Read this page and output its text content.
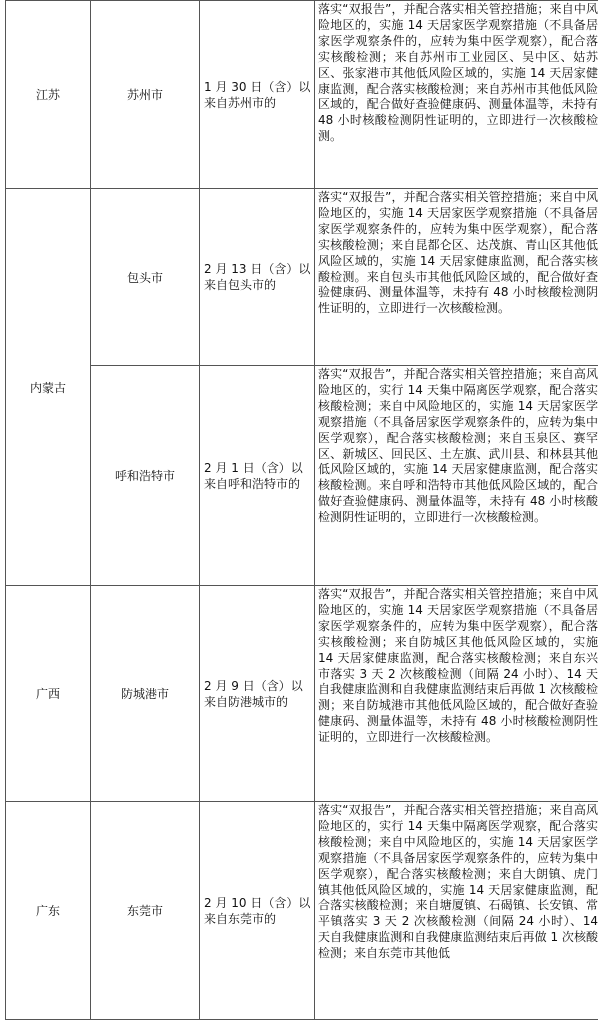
江苏	苏州市	1 月 30 日（含）以来自苏州市的	落实“双报告”，并配合落实相关管控措施；来自中风险地区的，实施 14 天居家医学观察措施（不具备居家医学观察条件的，应转为集中医学观察），配合落实核酸检测；来自苏州市工业园区、吴中区、姑苏区、张家港市其他低风险区域的，实施 14 天居家健康监测，配合落实核酸检测；来自苏州市其他低风险区域的，配合做好查验健康码、测量体温等，未持有 48 小时核酸检测阴性证明的，立即进行一次核酸检测。

内蒙古	包头市	2 月 13 日（含）以来自包头市的	落实“双报告”，并配合落实相关管控措施；来自中风险地区的，实施 14 天居家医学观察措施（不具备居家医学观察条件的，应转为集中医学观察），配合落实核酸检测；来自昆都仑区、达茂旗、青山区其他低风险区域的，实施 14 天居家健康监测，配合落实核酸检测。来自包头市其他低风险区域的，配合做好查验健康码、测量体温等，未持有 48 小时核酸检测阴性证明的，立即进行一次核酸检测。

	呼和浩特市	2 月 1 日（含）以来自呼和浩特市的	落实“双报告”，并配合落实相关管控措施；来自高风险地区的，实行 14 天集中隔离医学观察，配合落实核酸检测；来自中风险地区的，实施 14 天居家医学观察措施（不具备居家医学观察条件的，应转为集中医学观察），配合落实核酸检测；来自玉泉区、赛罕区、新城区、回民区、土左旗、武川县、和林县其他低风险区域的，实施 14 天居家健康监测，配合落实核酸检测。来自呼和浩特市其他低风险区域的，配合做好查验健康码、测量体温等，未持有 48 小时核酸检测阴性证明的，立即进行一次核酸检测。

广西	防城港市	2 月 9 日（含）以来自防港城市的	落实“双报告”，并配合落实相关管控措施；来自中风险地区的，实施 14 天居家医学观察措施（不具备居家医学观察条件的，应转为集中医学观察），配合落实核酸检测；来自防城区其他低风险区域的，实施 14 天居家健康监测，配合落实核酸检测；来自东兴市落实 3 天 2 次核酸检测（间隔 24 小时）、14 天自我健康监测和自我健康监测结束后再做 1 次核酸检测；来自防城港市其他低风险区域的，配合做好查验健康码、测量体温等，未持有 48 小时核酸检测阴性证明的，立即进行一次核酸检测。

广东	东莞市	2 月 10 日（含）以来自东莞市的	落实“双报告”，并配合落实相关管控措施；来自高风险地区的，实行 14 天集中隔离医学观察，配合落实核酸检测；来自中风险地区的，实施 14 天居家医学观察措施（不具备居家医学观察条件的，应转为集中医学观察），配合落实核酸检测；来自大朗镇、虎门镇其他低风险区域的，实施 14 天居家健康监测，配合落实核酸检测；来自塘厦镇、石碣镇、长安镇、常平镇落实 3 天 2 次核酸检测（间隔 24 小时）、14 天自我健康监测和自我健康监测结束后再做 1 次核酸检测；来自东莞市其他低
